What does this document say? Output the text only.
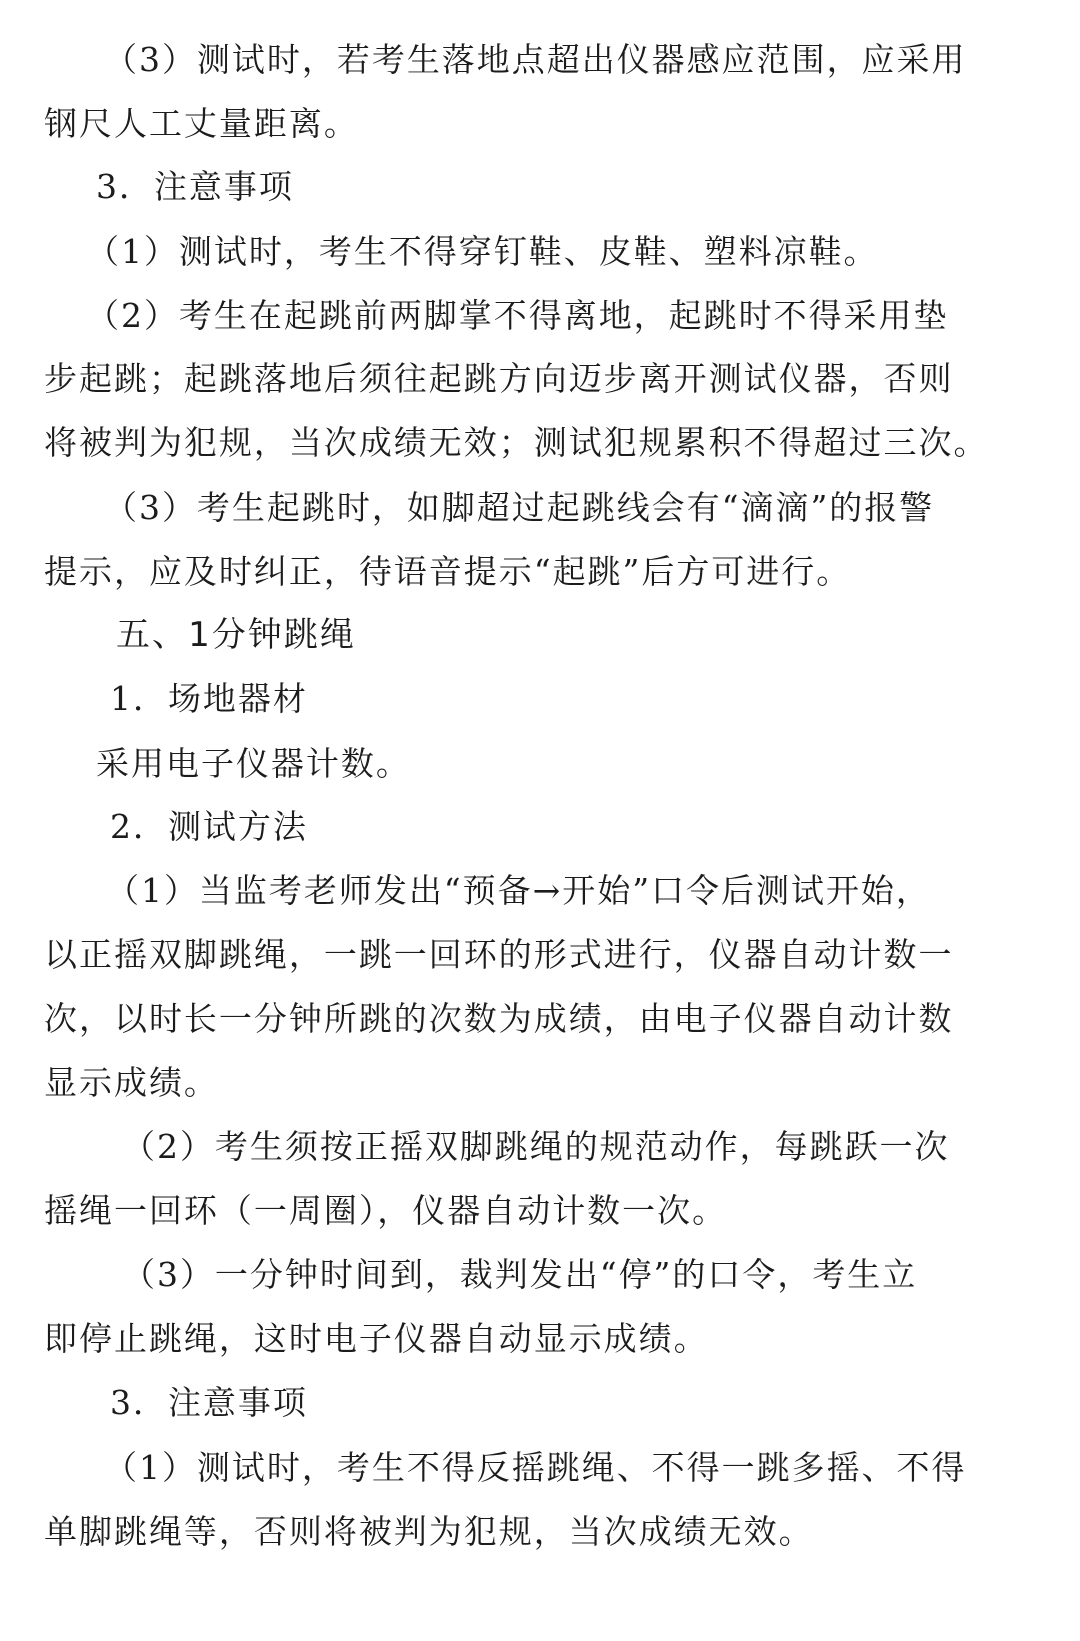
（3）测试时，若考生落地点超出仪器感应范围，应采用
钢尺人工丈量距离。
3．注意事项
（1）测试时，考生不得穿钉鞋、皮鞋、塑料凉鞋。
（2）考生在起跳前两脚掌不得离地，起跳时不得采用垫
步起跳；起跳落地后须往起跳方向迈步离开测试仪器，否则
将被判为犯规，当次成绩无效；测试犯规累积不得超过三次。
（3）考生起跳时，如脚超过起跳线会有“滴滴”的报警
提示，应及时纠正，待语音提示“起跳”后方可进行。
五、1分钟跳绳
1．场地器材
采用电子仪器计数。
2．测试方法
（1）当监考老师发出“预备→开始”口令后测试开始，
以正摇双脚跳绳，一跳一回环的形式进行，仪器自动计数一
次，以时长一分钟所跳的次数为成绩，由电子仪器自动计数
显示成绩。
（2）考生须按正摇双脚跳绳的规范动作，每跳跃一次
摇绳一回环（一周圈），仪器自动计数一次。
（3）一分钟时间到，裁判发出“停”的口令，考生立
即停止跳绳，这时电子仪器自动显示成绩。
3．注意事项
（1）测试时，考生不得反摇跳绳、不得一跳多摇、不得
单脚跳绳等，否则将被判为犯规，当次成绩无效。
